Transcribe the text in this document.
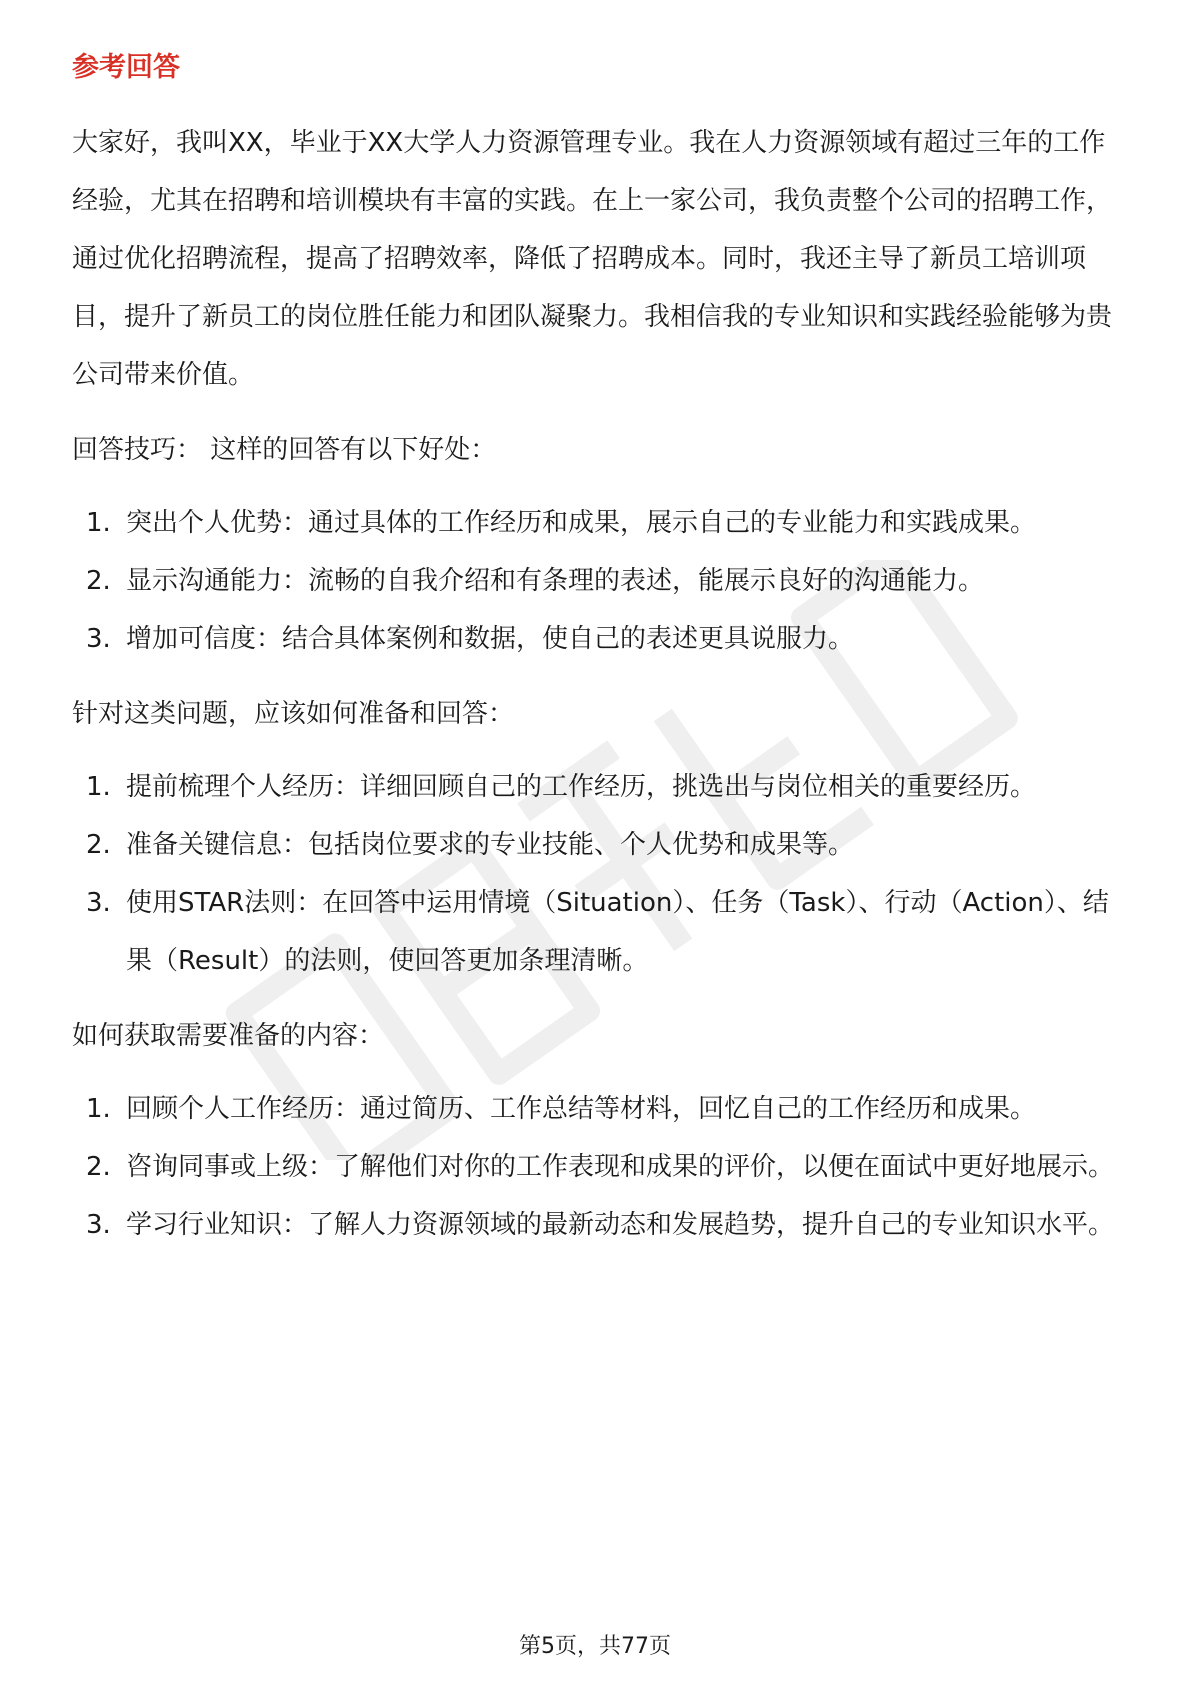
参考回答

大家好，我叫XX，毕业于XX大学人力资源管理专业。我在人力资源领域有超过三年的工作经验，尤其在招聘和培训模块有丰富的实践。在上一家公司，我负责整个公司的招聘工作，通过优化招聘流程，提高了招聘效率，降低了招聘成本。同时，我还主导了新员工培训项目，提升了新员工的岗位胜任能力和团队凝聚力。我相信我的专业知识和实践经验能够为贵公司带来价值。

回答技巧： 这样的回答有以下好处：
1. 突出个人优势：通过具体的工作经历和成果，展示自己的专业能力和实践成果。
2. 显示沟通能力：流畅的自我介绍和有条理的表述，能展示良好的沟通能力。
3. 增加可信度：结合具体案例和数据，使自己的表述更具说服力。
针对这类问题，应该如何准备和回答：
1. 提前梳理个人经历：详细回顾自己的工作经历，挑选出与岗位相关的重要经历。
2. 准备关键信息：包括岗位要求的专业技能、个人优势和成果等。
3. 使用STAR法则：在回答中运用情境（Situation）、任务（Task）、行动（Action）、结果（Result）的法则，使回答更加条理清晰。
如何获取需要准备的内容：
1. 回顾个人工作经历：通过简历、工作总结等材料，回忆自己的工作经历和成果。
2. 咨询同事或上级：了解他们对你的工作表现和成果的评价，以便在面试中更好地展示。
3. 学习行业知识：了解人力资源领域的最新动态和发展趋势，提升自己的专业知识水平。
第5页，共77页
